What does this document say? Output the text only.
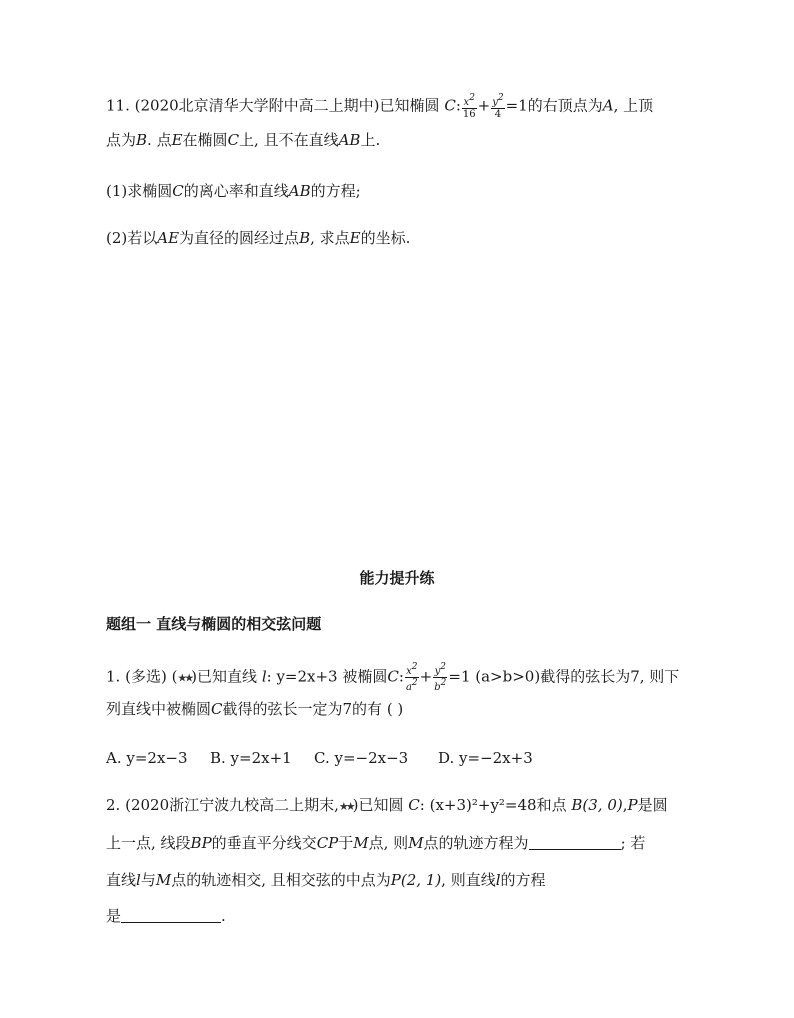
11. (2020北京清华大学附中高二上期中)已知椭圆 C: $\frac{x2}{16} + \frac{y2}{4} =1$的右顶点为A, 上顶
点为B. 点E在椭圆C上, 且不在直线AB上.
(1)求椭圆C的离心率和直线AB的方程;
(2)若以AE为直径的圆经过点B, 求点E的坐标.
能力提升练
题组一 直线与椭圆的相交弦问题
1. (多选) (★★)已知直线 l: y=2x+3 被椭圆C: $\frac{x2}{a2} + \frac{y2}{b2} =1$ (a>b>0)截得的弦长为7, 则下
列直线中被椭圆C截得的弦长一定为7的有 ( )
A. y=2x−3 B. y=2x+1 C. y=−2x−3 D. y=−2x+3
2. (2020浙江宁波九校高二上期末,★★)已知圆 C: (x+3)²+y²=48和点 B(3, 0),P是圆
上一点, 线段BP的垂直平分线交CP于M点, 则M点的轨迹方程为	; 若
直线l与M点的轨迹相交, 且相交弦的中点为P(2, 1), 则直线l的方程
是	.
